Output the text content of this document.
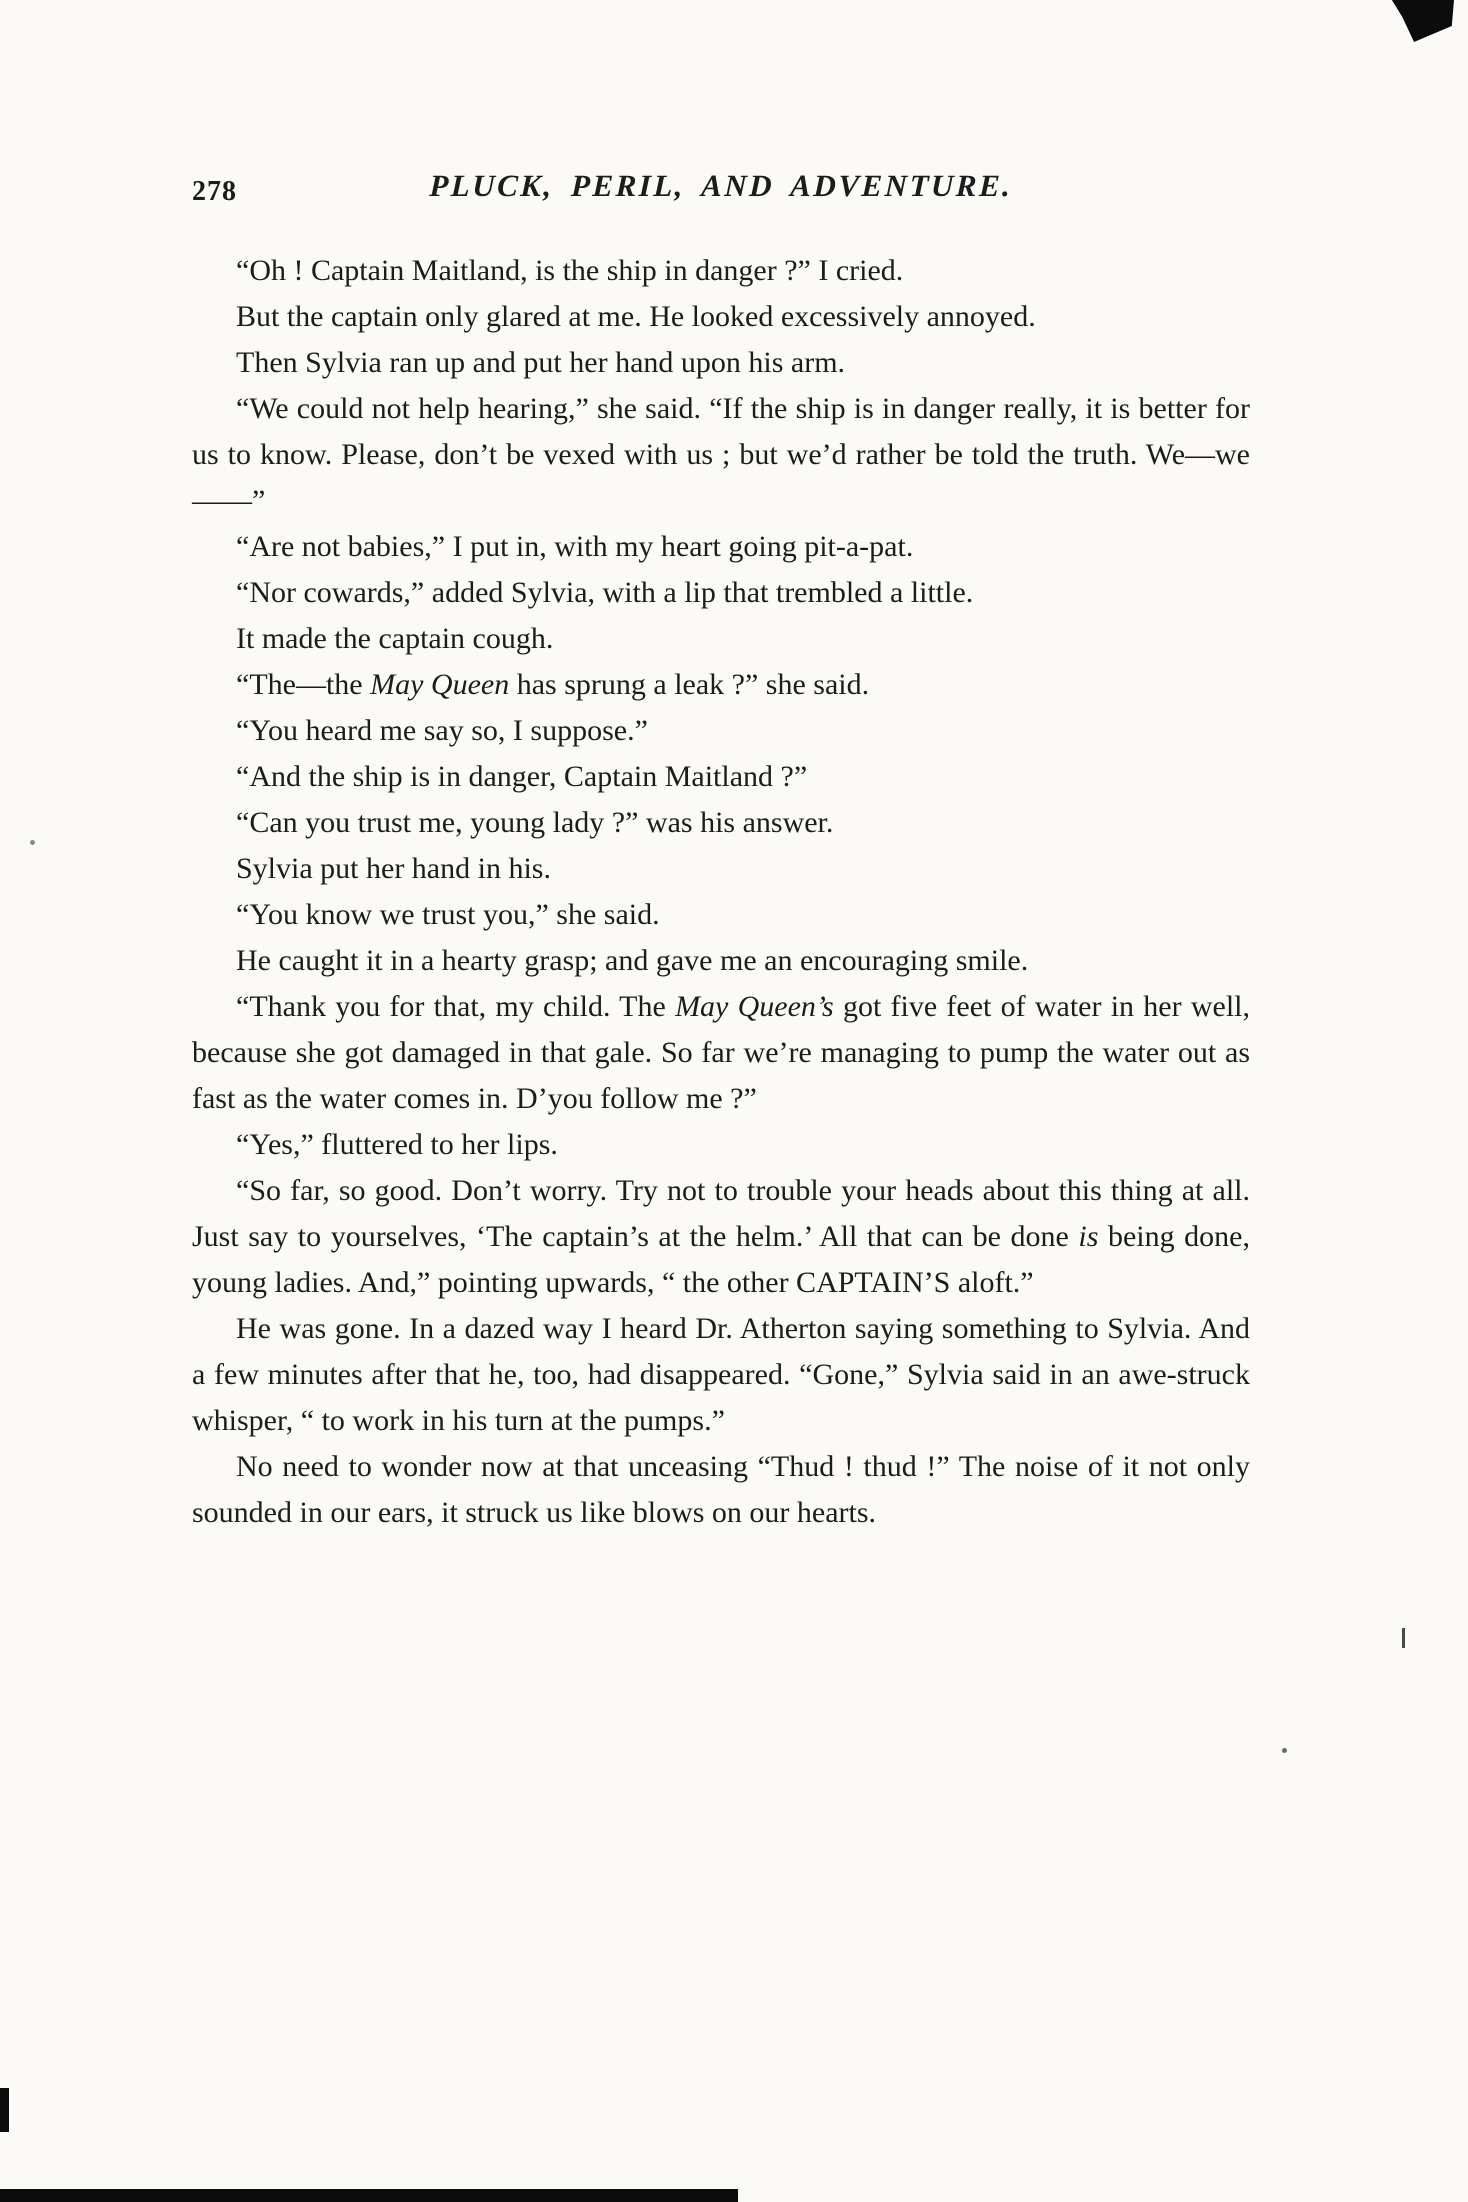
278	PLUCK, PERIL, AND ADVENTURE.

“Oh ! Captain Maitland, is the ship in danger ?” I cried.

But the captain only glared at me. He looked excessively annoyed.

Then Sylvia ran up and put her hand upon his arm.

“We could not help hearing,” she said. “If the ship is in danger really, it is better for us to know. Please, don’t be vexed with us ; but we’d rather be told the truth. We—we——”

“Are not babies,” I put in, with my heart going pit-a-pat.

“Nor cowards,” added Sylvia, with a lip that trembled a little.

It made the captain cough.

“The—the May Queen has sprung a leak ?” she said.

“You heard me say so, I suppose.”

“And the ship is in danger, Captain Maitland ?”

“Can you trust me, young lady ?” was his answer.

Sylvia put her hand in his.

“You know we trust you,” she said.

He caught it in a hearty grasp; and gave me an encouraging smile.

“Thank you for that, my child. The May Queen’s got five feet of water in her well, because she got damaged in that gale. So far we’re managing to pump the water out as fast as the water comes in. D’you follow me ?”

“Yes,” fluttered to her lips.

“So far, so good. Don’t worry. Try not to trouble your heads about this thing at all. Just say to yourselves, ‘The captain’s at the helm.’ All that can be done is being done, young ladies. And,” pointing upwards, “ the other CAPTAIN’S aloft.”

He was gone. In a dazed way I heard Dr. Atherton saying something to Sylvia. And a few minutes after that he, too, had disappeared. “Gone,” Sylvia said in an awe-struck whisper, “ to work in his turn at the pumps.”

No need to wonder now at that unceasing “Thud ! thud !” The noise of it not only sounded in our ears, it struck us like blows on our hearts.
